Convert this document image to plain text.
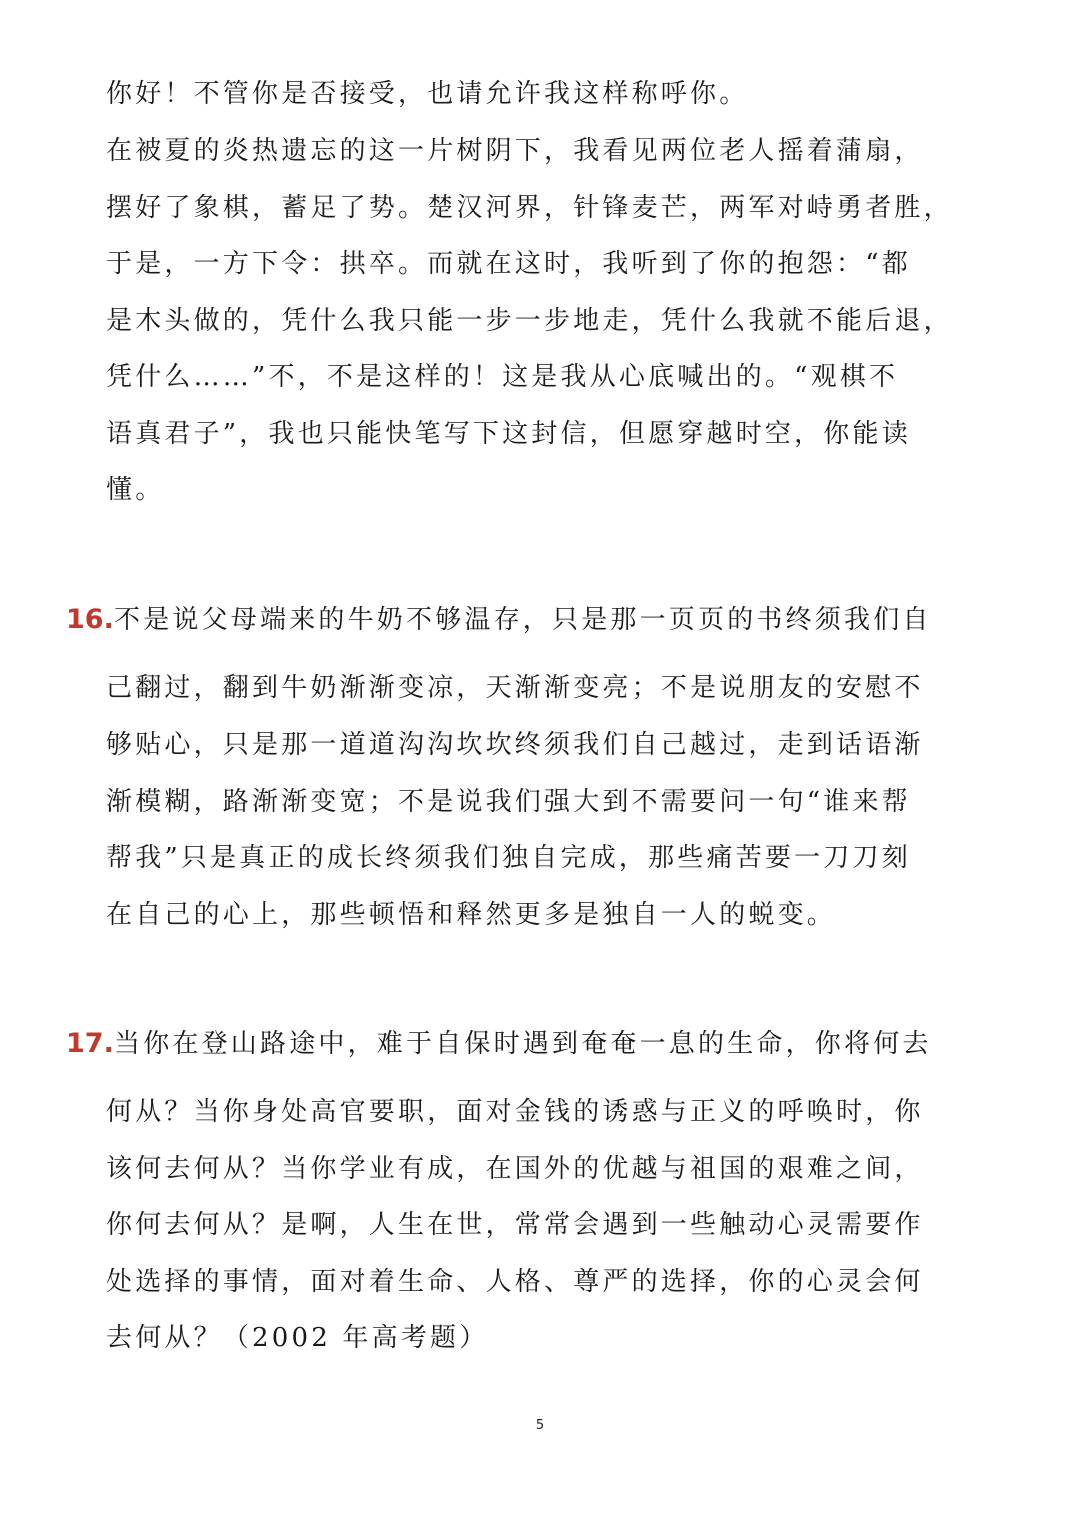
你好！不管你是否接受，也请允许我这样称呼你。
在被夏的炎热遗忘的这一片树阴下，我看见两位老人摇着蒲扇，
摆好了象棋，蓄足了势。楚汉河界，针锋麦芒，两军对峙勇者胜，
于是，一方下令：拱卒。而就在这时，我听到了你的抱怨：“都
是木头做的，凭什么我只能一步一步地走，凭什么我就不能后退，
凭什么……”不，不是这样的！这是我从心底喊出的。“观棋不
语真君子”，我也只能快笔写下这封信，但愿穿越时空，你能读
懂。
16. 不是说父母端来的牛奶不够温存，只是那一页页的书终须我们自
己翻过，翻到牛奶渐渐变凉，天渐渐变亮；不是说朋友的安慰不
够贴心，只是那一道道沟沟坎坎终须我们自己越过，走到话语渐
渐模糊，路渐渐变宽；不是说我们强大到不需要问一句“谁来帮
帮我”只是真正的成长终须我们独自完成，那些痛苦要一刀刀刻
在自己的心上，那些顿悟和释然更多是独自一人的蜕变。
17. 当你在登山路途中，难于自保时遇到奄奄一息的生命，你将何去
何从？当你身处高官要职，面对金钱的诱惑与正义的呼唤时，你
该何去何从？当你学业有成，在国外的优越与祖国的艰难之间，
你何去何从？是啊，人生在世，常常会遇到一些触动心灵需要作
处选择的事情，面对着生命、人格、尊严的选择，你的心灵会何
去何从？（2002 年高考题）
5
